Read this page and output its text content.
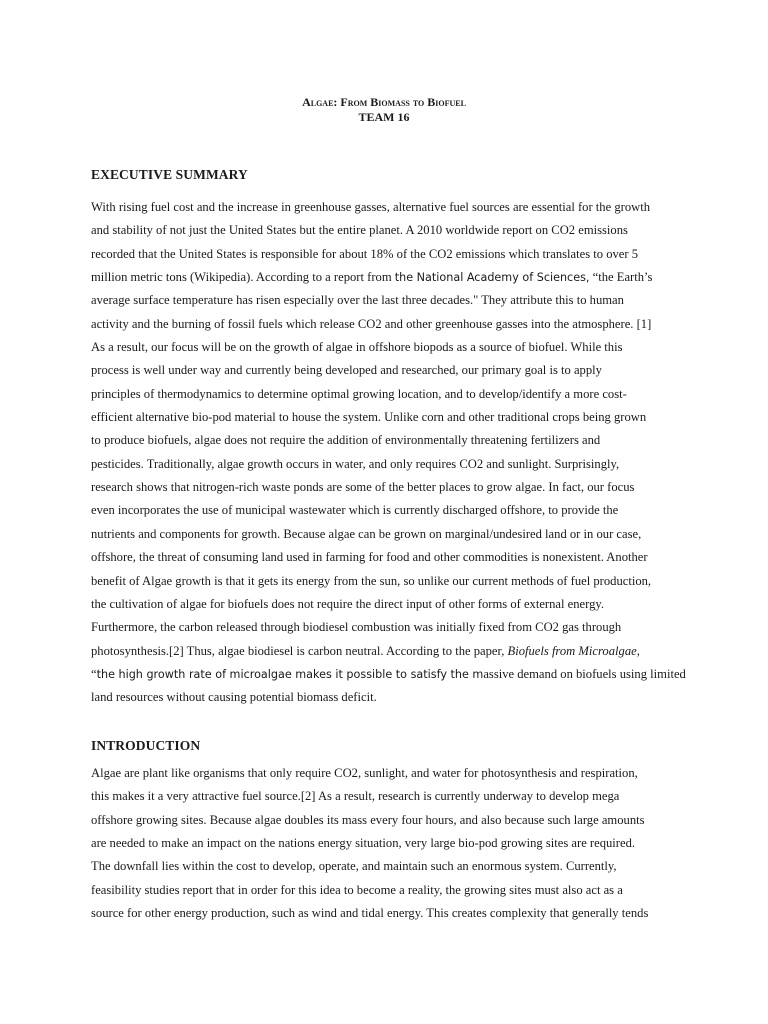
Algae: From Biomass to Biofuel
TEAM 16
EXECUTIVE SUMMARY
With rising fuel cost and the increase in greenhouse gasses, alternative fuel sources are essential for the growth
and stability of not just the United States but the entire planet. A 2010 worldwide report on CO2 emissions
recorded that the United States is responsible for about 18% of the CO2 emissions which translates to over 5
million metric tons (Wikipedia). According to a report from the National Academy of Sciences, “the Earth’s
average surface temperature has risen especially over the last three decades." They attribute this to human
activity and the burning of fossil fuels which release CO2 and other greenhouse gasses into the atmosphere. [1]
As a result, our focus will be on the growth of algae in offshore biopods as a source of biofuel. While this
process is well under way and currently being developed and researched, our primary goal is to apply
principles of thermodynamics to determine optimal growing location, and to develop/identify a more cost-
efficient alternative bio-pod material to house the system. Unlike corn and other traditional crops being grown
to produce biofuels, algae does not require the addition of environmentally threatening fertilizers and
pesticides. Traditionally, algae growth occurs in water, and only requires CO2 and sunlight. Surprisingly,
research shows that nitrogen-rich waste ponds are some of the better places to grow algae. In fact, our focus
even incorporates the use of municipal wastewater which is currently discharged offshore, to provide the
nutrients and components for growth. Because algae can be grown on marginal/undesired land or in our case,
offshore, the threat of consuming land used in farming for food and other commodities is nonexistent. Another
benefit of Algae growth is that it gets its energy from the sun, so unlike our current methods of fuel production,
the cultivation of algae for biofuels does not require the direct input of other forms of external energy.
Furthermore, the carbon released through biodiesel combustion was initially fixed from CO2 gas through
photosynthesis.[2] Thus, algae biodiesel is carbon neutral. According to the paper, Biofuels from Microalgae,
“the high growth rate of microalgae makes it possible to satisfy the massive demand on biofuels using limited
land resources without causing potential biomass deficit.
INTRODUCTION
Algae are plant like organisms that only require CO2, sunlight, and water for photosynthesis and respiration,
this makes it a very attractive fuel source.[2] As a result, research is currently underway to develop mega
offshore growing sites. Because algae doubles its mass every four hours, and also because such large amounts
are needed to make an impact on the nations energy situation, very large bio-pod growing sites are required.
The downfall lies within the cost to develop, operate, and maintain such an enormous system. Currently,
feasibility studies report that in order for this idea to become a reality, the growing sites must also act as a
source for other energy production, such as wind and tidal energy. This creates complexity that generally tends
